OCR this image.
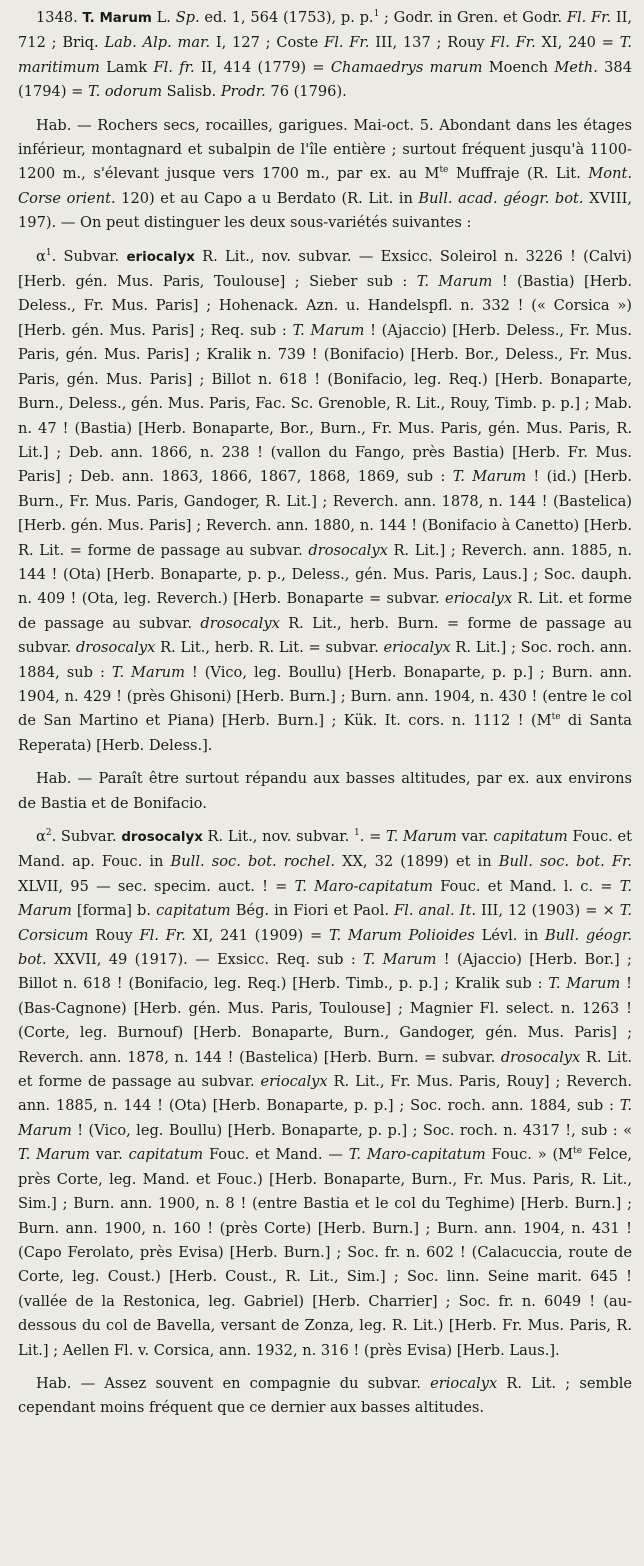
1348. T. Marum L. Sp. ed. 1, 564 (1753), p. p.$^1$ ; Godr. in Gren. et Godr. Fl. Fr. II, 712 ; Briq. Lab. Alp. mar. I, 127 ; Coste Fl. Fr. III, 137 ; Rouy Fl. Fr. XI, 240 = T. maritimum Lamk Fl. fr. II, 414 (1779) = Chamaedrys marum Moench Meth. 384 (1794) = T. odorum Salisb. Prodr. 76 (1796).

Hab. — Rochers secs, rocailles, garigues. Mai-oct. 5. Abondant dans les étages inférieur, montagnard et subalpin de l'île entière ; surtout fréquent jusqu'à 1100-1200 m., s'élevant jusque vers 1700 m., par ex. au $M^{te}$ Muffraje (R. Lit. Mont. Corse orient. 120) et au Capo a u Berdato (R. Lit. in Bull. acad. géogr. bot. XVIII, 197). — On peut distinguer les deux sous-variétés suivantes :

$\alpha^1$. Subvar. eriocalyx R. Lit., nov. subvar. — Exsicc. Soleirol n. 3226 ! (Calvi) [Herb. gén. Mus. Paris, Toulouse] ; Sieber sub : T. Marum ! (Bastia) [Herb. Deless., Fr. Mus. Paris] ; Hohenack. Azn. u. Handelspfl. n. 332 ! (« Corsica ») [Herb. gén. Mus. Paris] ; Req. sub : T. Marum ! (Ajaccio) [Herb. Deless., Fr. Mus. Paris, gén. Mus. Paris] ; Kralik n. 739 ! (Bonifacio) [Herb. Bor., Deless., Fr. Mus. Paris, gén. Mus. Paris] ; Billot n. 618 ! (Bonifacio, leg. Req.) [Herb. Bonaparte, Burn., Deless., gén. Mus. Paris, Fac. Sc. Grenoble, R. Lit., Rouy, Timb. p. p.] ; Mab. n. 47 ! (Bastia) [Herb. Bonaparte, Bor., Burn., Fr. Mus. Paris, gén. Mus. Paris, R. Lit.] ; Deb. ann. 1866, n. 238 ! (vallon du Fango, près Bastia) [Herb. Fr. Mus. Paris] ; Deb. ann. 1863, 1866, 1867, 1868, 1869, sub : T. Marum ! (id.) [Herb. Burn., Fr. Mus. Paris, Gandoger, R. Lit.] ; Reverch. ann. 1878, n. 144 ! (Bastelica) [Herb. gén. Mus. Paris] ; Reverch. ann. 1880, n. 144 ! (Bonifacio à Canetto) [Herb. R. Lit. = forme de passage au subvar. drosocalyx R. Lit.] ; Reverch. ann. 1885, n. 144 ! (Ota) [Herb. Bonaparte, p. p., Deless., gén. Mus. Paris, Laus.] ; Soc. dauph. n. 409 ! (Ota, leg. Reverch.) [Herb. Bonaparte = subvar. eriocalyx R. Lit. et forme de passage au subvar. drosocalyx R. Lit., herb. Burn. = forme de passage au subvar. drosocalyx R. Lit., herb. R. Lit. = subvar. eriocalyx R. Lit.] ; Soc. roch. ann. 1884, sub : T. Marum ! (Vico, leg. Boullu) [Herb. Bonaparte, p. p.] ; Burn. ann. 1904, n. 429 ! (près Ghisoni) [Herb. Burn.] ; Burn. ann. 1904, n. 430 ! (entre le col de San Martino et Piana) [Herb. Burn.] ; Kük. It. cors. n. 1112 ! ($M^{te}$ di Santa Reperata) [Herb. Deless.].

Hab. — Paraît être surtout répandu aux basses altitudes, par ex. aux environs de Bastia et de Bonifacio.

$\alpha^2$. Subvar. drosocalyx R. Lit., nov. subvar. $^1$. = T. Marum var. capitatum Fouc. et Mand. ap. Fouc. in Bull. soc. bot. rochel. XX, 32 (1899) et in Bull. soc. bot. Fr. XLVII, 95 — sec. specim. auct. ! = T. Maro-capitatum Fouc. et Mand. l. c. = T. Marum [forma] b. capitatum Bég. in Fiori et Paol. Fl. anal. It. III, 12 (1903) = × T. Corsicum Rouy Fl. Fr. XI, 241 (1909) = T. Marum Polioides Lévl. in Bull. géogr. bot. XXVII, 49 (1917). — Exsicc. Req. sub : T. Marum ! (Ajaccio) [Herb. Bor.] ; Billot n. 618 ! (Bonifacio, leg. Req.) [Herb. Timb., p. p.] ; Kralik sub : T. Marum ! (Bas-Cagnone) [Herb. gén. Mus. Paris, Toulouse] ; Magnier Fl. select. n. 1263 ! (Corte, leg. Burnouf) [Herb. Bonaparte, Burn., Gandoger, gén. Mus. Paris] ; Reverch. ann. 1878, n. 144 ! (Bastelica) [Herb. Burn. = subvar. drosocalyx R. Lit. et forme de passage au subvar. eriocalyx R. Lit., Fr. Mus. Paris, Rouy] ; Reverch. ann. 1885, n. 144 ! (Ota) [Herb. Bonaparte, p. p.] ; Soc. roch. ann. 1884, sub : T. Marum ! (Vico, leg. Boullu) [Herb. Bonaparte, p. p.] ; Soc. roch. n. 4317 !, sub : « T. Marum var. capitatum Fouc. et Mand. — T. Maro-capitatum Fouc. » ($M^{te}$ Felce, près Corte, leg. Mand. et Fouc.) [Herb. Bonaparte, Burn., Fr. Mus. Paris, R. Lit., Sim.] ; Burn. ann. 1900, n. 8 ! (entre Bastia et le col du Teghime) [Herb. Burn.] ; Burn. ann. 1900, n. 160 ! (près Corte) [Herb. Burn.] ; Burn. ann. 1904, n. 431 ! (Capo Ferolato, près Evisa) [Herb. Burn.] ; Soc. fr. n. 602 ! (Calacuccia, route de Corte, leg. Coust.) [Herb. Coust., R. Lit., Sim.] ; Soc. linn. Seine marit. 645 ! (vallée de la Restonica, leg. Gabriel) [Herb. Charrier] ; Soc. fr. n. 6049 ! (au-dessous du col de Bavella, versant de Zonza, leg. R. Lit.) [Herb. Fr. Mus. Paris, R. Lit.] ; Aellen Fl. v. Corsica, ann. 1932, n. 316 ! (près Evisa) [Herb. Laus.].

Hab. — Assez souvent en compagnie du subvar. eriocalyx R. Lit. ; semble cependant moins fréquent que ce dernier aux basses altitudes.
